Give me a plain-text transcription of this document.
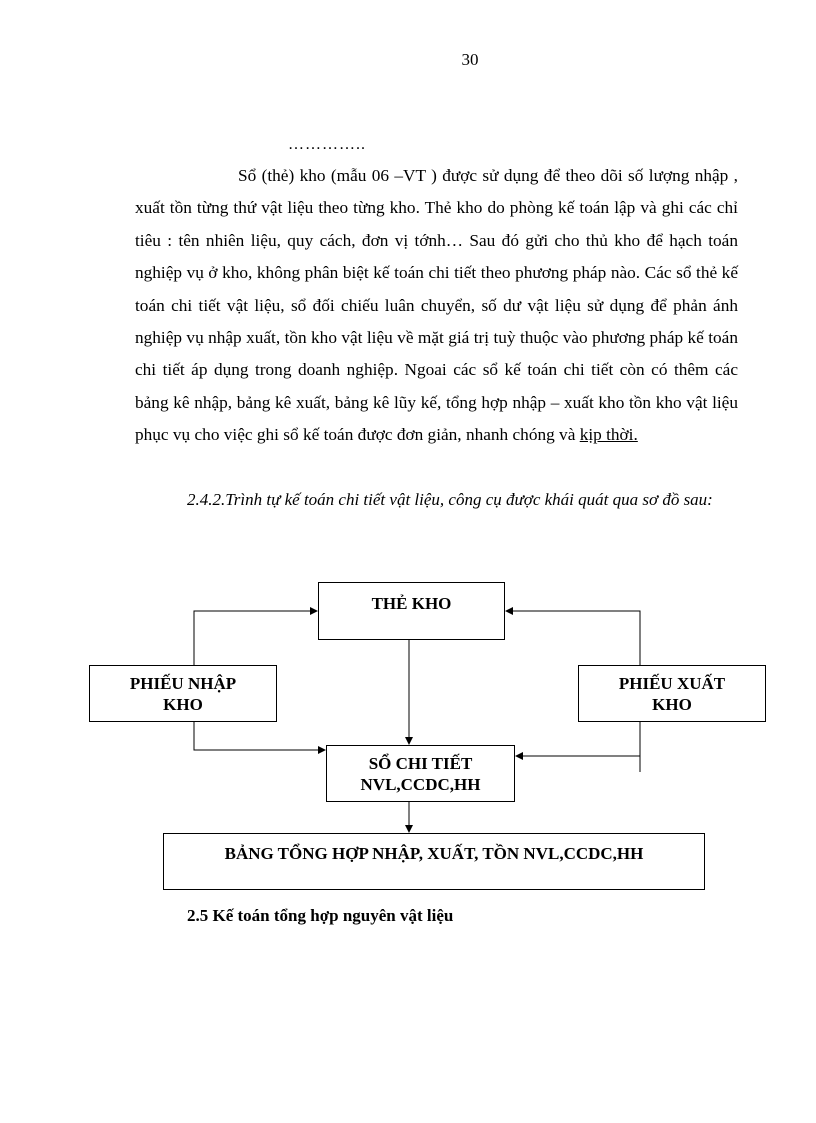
30
…………..

Sổ (thẻ) kho (mẫu 06 –VT ) được sử dụng để theo dõi số lượng nhập , xuất tồn từng thứ vật liệu theo từng kho. Thẻ kho do phòng kế toán lập và ghi các chỉ tiêu : tên nhiên liệu, quy cách, đơn vị tớnh… Sau đó gửi cho thủ kho để hạch toán nghiệp vụ ở kho, không phân biệt kế toán chi tiết theo phương pháp nào. Các sổ thẻ kế toán chi tiết vật liệu, sổ đối chiếu luân chuyển, số dư vật liệu sử dụng để phản ánh nghiệp vụ nhập xuất, tồn kho vật liệu về mặt giá trị tuỳ thuộc vào phương pháp kế toán chi tiết áp dụng trong doanh nghiệp. Ngoai các sổ kế toán chi tiết còn có thêm các bảng kê nhập, bảng kê xuất, bảng kê lũy kế, tổng hợp nhập – xuất kho tồn kho vật liệu phục vụ cho việc ghi sổ kế toán được đơn giản, nhanh chóng và kịp thời.

2.4.2.Trình tự kế toán chi tiết vật liệu, công cụ được khái quát qua sơ đồ sau:
THẺ KHO
PHIẾU NHẬP
KHO
PHIẾU XUẤT
KHO
SỔ CHI TIẾT
NVL,CCDC,HH
BẢNG TỔNG HỢP NHẬP, XUẤT, TỒN NVL,CCDC,HH
2.5 Kế toán tổng hợp nguyên vật liệu
